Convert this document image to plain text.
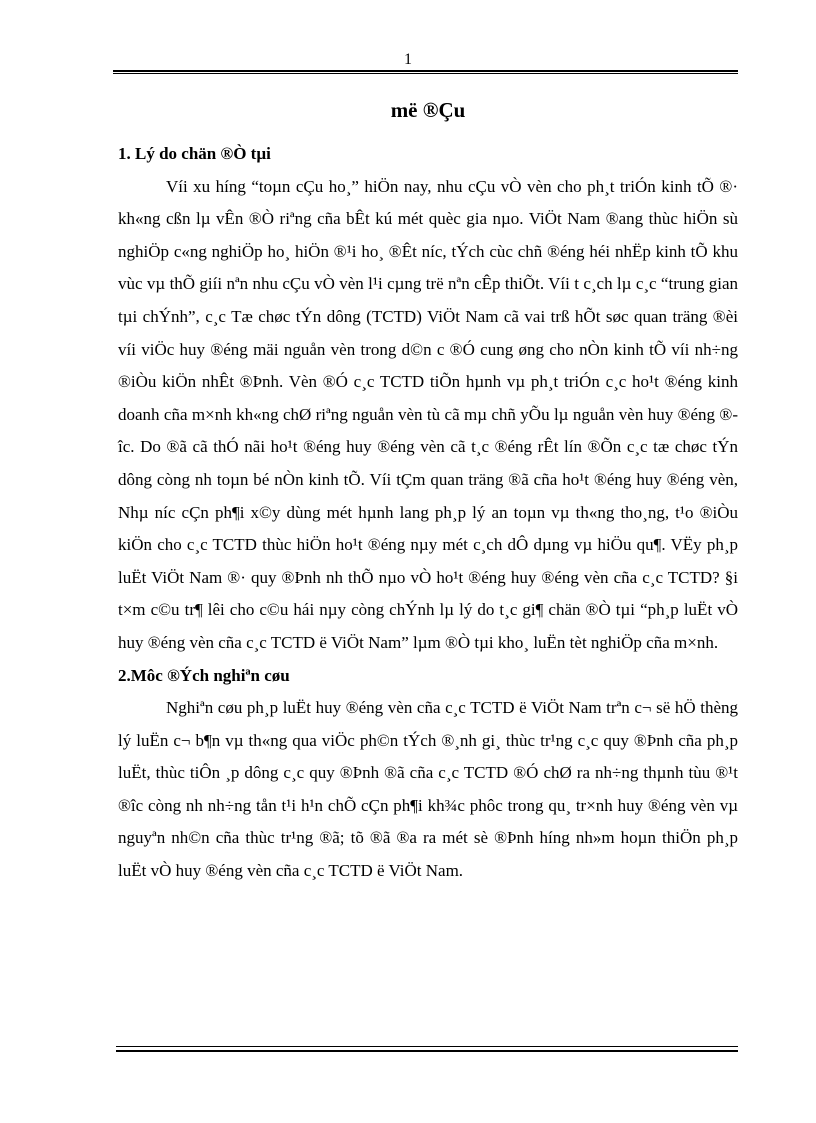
1
më ®Çu
1. Lý do chän ®Ò tµi

Víi xu híng “toµn cÇu ho¸” hiÖn nay, nhu cÇu vÒ vèn cho ph¸t triÓn kinh tÕ ®· kh«ng cßn lµ vÊn ®Ò riªng cña bÊt kú mét quèc gia nµo. ViÖt Nam ®ang thùc hiÖn sù nghiÖp c«ng nghiÖp ho¸ hiÖn ®¹i ho¸ ®Êt níc, tÝch cùc chñ ®éng héi nhËp kinh tÕ khu vùc vµ thÕ giíi nªn nhu cÇu vÒ vèn l¹i cµng trë nªn cÊp thiÕt. Víi t c¸ch lµ c¸c “trung gian tµi chÝnh”, c¸c Tæ chøc tÝn dông (TCTD) ViÖt Nam cã vai trß hÕt søc quan träng ®èi víi viÖc huy ®éng mäi nguån vèn trong d©n c ®Ó cung øng cho nÒn kinh tÕ víi nh÷ng ®iÒu kiÖn nhÊt ®Þnh. Vèn ®Ó c¸c TCTD tiÕn hµnh vµ ph¸t triÓn c¸c ho¹t ®éng kinh doanh cña m×nh kh«ng chØ riªng nguån vèn tù cã mµ chñ yÕu lµ nguån vèn huy ®éng ®îc. Do ®ã cã thÓ nãi ho¹t ®éng huy ®éng vèn cã t¸c ®éng rÊt lín ®Õn c¸c tæ chøc tÝn dông còng nh toµn bé nÒn kinh tÕ. Víi tÇm quan träng ®ã cña ho¹t ®éng huy ®éng vèn, Nhµ níc cÇn ph¶i x©y dùng mét hµnh lang ph¸p lý an toµn vµ th«ng tho¸ng, t¹o ®iÒu kiÖn cho c¸c TCTD thùc hiÖn ho¹t ®éng nµy mét c¸ch dÔ dµng vµ hiÖu qu¶. VËy ph¸p luËt ViÖt Nam ®· quy ®Þnh nh thÕ nµo vÒ ho¹t ®éng huy ®éng vèn cña c¸c TCTD? §i t×m c©u tr¶ lêi cho c©u hái nµy còng chÝnh lµ lý do t¸c gi¶ chän ®Ò tµi “ph¸p luËt vÒ huy ®éng vèn cña c¸c TCTD ë ViÖt Nam” lµm ®Ò tµi kho¸ luËn tèt nghiÖp cña m×nh.

2.Môc ®Ých nghiªn cøu

Nghiªn cøu ph¸p luËt huy ®éng vèn cña c¸c TCTD ë ViÖt Nam trªn c¬ së hÖ thèng lý luËn c¬ b¶n vµ th«ng qua viÖc ph©n tÝch ®¸nh gi¸ thùc tr¹ng c¸c quy ®Þnh cña ph¸p luËt, thùc tiÔn ¸p dông c¸c quy ®Þnh ®ã cña c¸c TCTD ®Ó chØ ra nh÷ng thµnh tùu ®¹t ®îc còng nh nh÷ng tån t¹i h¹n chÕ cÇn ph¶i kh¾c phôc trong qu¸ tr×nh huy ®éng vèn vµ nguyªn nh©n cña thùc tr¹ng ®ã; tõ ®ã ®a ra mét sè ®Þnh híng nh»m hoµn thiÖn ph¸p luËt vÒ huy ®éng vèn cña c¸c TCTD ë ViÖt Nam.
